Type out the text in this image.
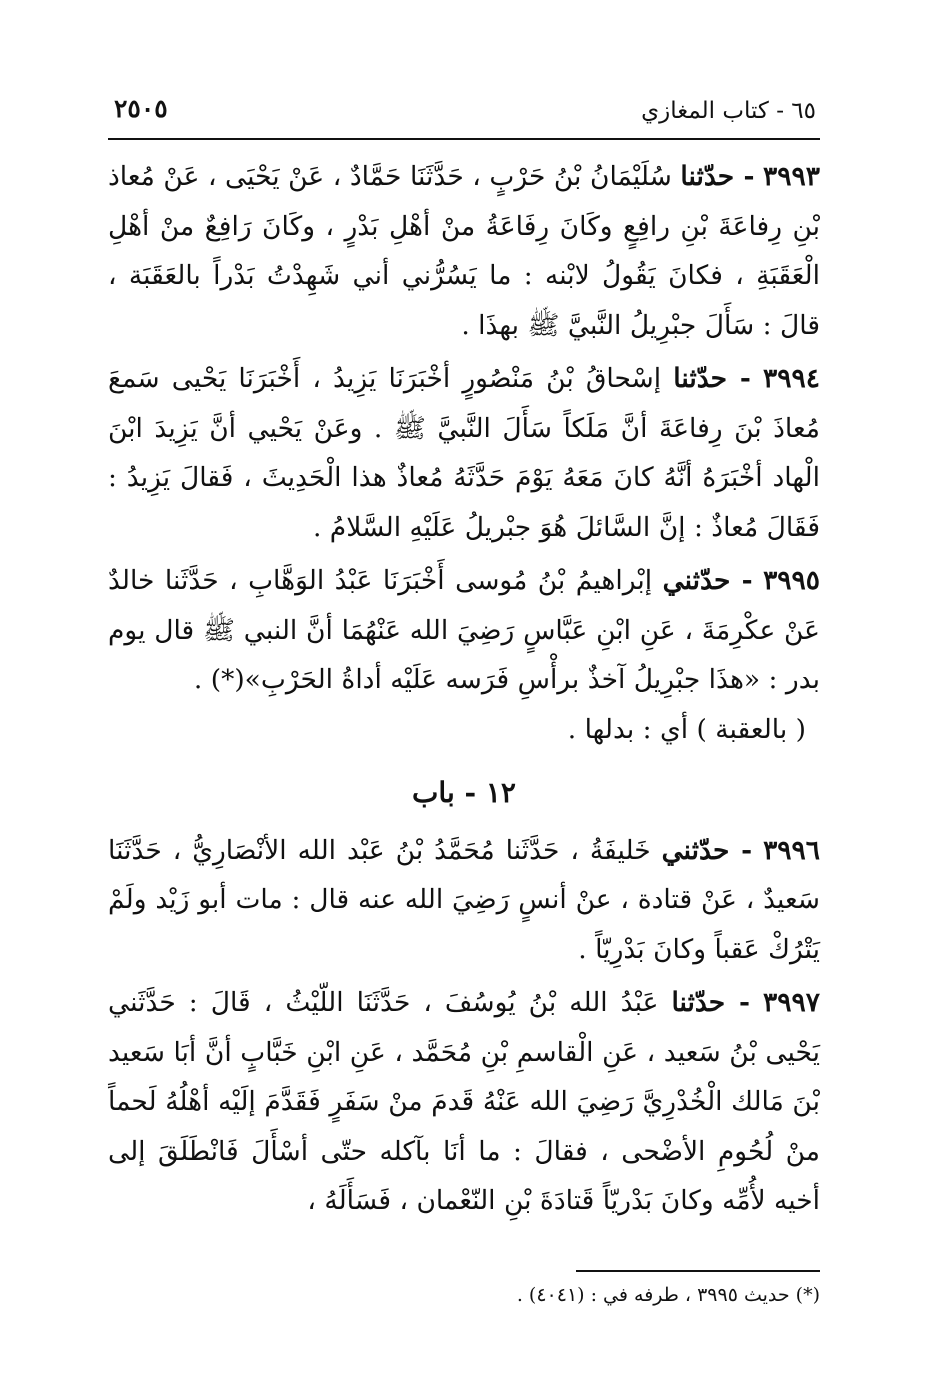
٦٥ - كتاب المغازي
٢٥٠٥

٣٩٩٣ - حدّثنا سُلَيْمَانُ بْنُ حَرْبٍ ، حَدَّثَنَا حَمَّادٌ ، عَنْ يَحْيَى ، عَنْ مُعاذ بْنِ رِفاعَةَ بْنِ رافِعٍ وكَانَ رِفَاعَةُ منْ أهْلِ بَدْرٍ ، وكَانَ رَافِعٌ منْ أهْلِ الْعَقَبَةِ ، فكانَ يَقُولُ لابْنه : ما يَسُرُّني أني شَهِدْتُ بَدْراً بالعَقَبَة ، قالَ : سَأَلَ جبْرِيلُ النَّبيَّ ﷺ بهذَا .

٣٩٩٤ - حدّثنا إسْحاقُ بْنُ مَنْصُورٍ أخْبَرَنَا يَزِيدُ ، أَخْبَرَنَا يَحْيى سَمعَ مُعاذَ بْنَ رِفاعَةَ أنَّ مَلَكاً سَأَلَ النَّبيَّ ﷺ . وعَنْ يَحْيي أنَّ يَزِيدَ ابْنَ الْهاد أخْبَرَهُ أنَّهُ كانَ مَعَهُ يَوْمَ حَدَّثَهُ مُعاذٌ هذا الْحَدِيثَ ، فَقالَ يَزِيدُ : فَقَالَ مُعاذٌ : إنَّ السَّائلَ هُوَ جبْريلُ عَلَيْهِ السَّلامُ .

٣٩٩٥ - حدّثني إبْراهيمُ بْنُ مُوسى أَخْبَرَنَا عَبْدُ الوَهَّابِ ، حَدَّثَنا خالدٌ عَنْ عكْرِمَةَ ، عَنِ ابْنِ عَبَّاسٍ رَضِيَ الله عَنْهُمَا أنَّ النبي ﷺ قال يوم بدر : «هذَا جبْرِيلُ آخذٌ برأْسِ فَرَسه عَلَيْه أداةُ الحَرْبِ»(*) .

( بالعقبة ) أي : بدلها .

١٢ - باب

٣٩٩٦ - حدّثني خَليفَةُ ، حَدَّثَنا مُحَمَّدُ بْنُ عَبْد الله الأنْصَارِيُّ ، حَدَّثَنَا سَعيدٌ ، عَنْ قتادة ، عنْ أنسٍ رَضِيَ الله عنه قال : مات أبو زَيْد ولَمْ يَتْرُكْ عَقباً وكانَ بَدْرِيّاً .

٣٩٩٧ - حدّثنا عَبْدُ الله بْنُ يُوسُفَ ، حَدَّثَنَا اللّيْثُ ، قَالَ : حَدَّثَني يَحْيى بْنُ سَعيد ، عَنِ الْقاسمِ بْنِ مُحَمَّد ، عَنِ ابْنِ خَبَّابٍ أنَّ أبَا سَعيد بْنَ مَالك الْخُدْرِيَّ رَضِيَ الله عَنْهُ قَدمَ منْ سَفَرٍ فَقَدَّمَ إلَيْه أهْلُهُ لَحماً منْ لُحُومِ الأضْحى ، فقالَ : ما أنَا بآكله حتّى أسْأَلَ فَانْطَلَقَ إلى أخيه لأُمِّه وكانَ بَدْريّاً قَتادَةَ بْنِ النّعْمان ، فَسَأَلَهُ ،

(*) حديث ٣٩٩٥ ، طرفه في : (٤٠٤١) .
